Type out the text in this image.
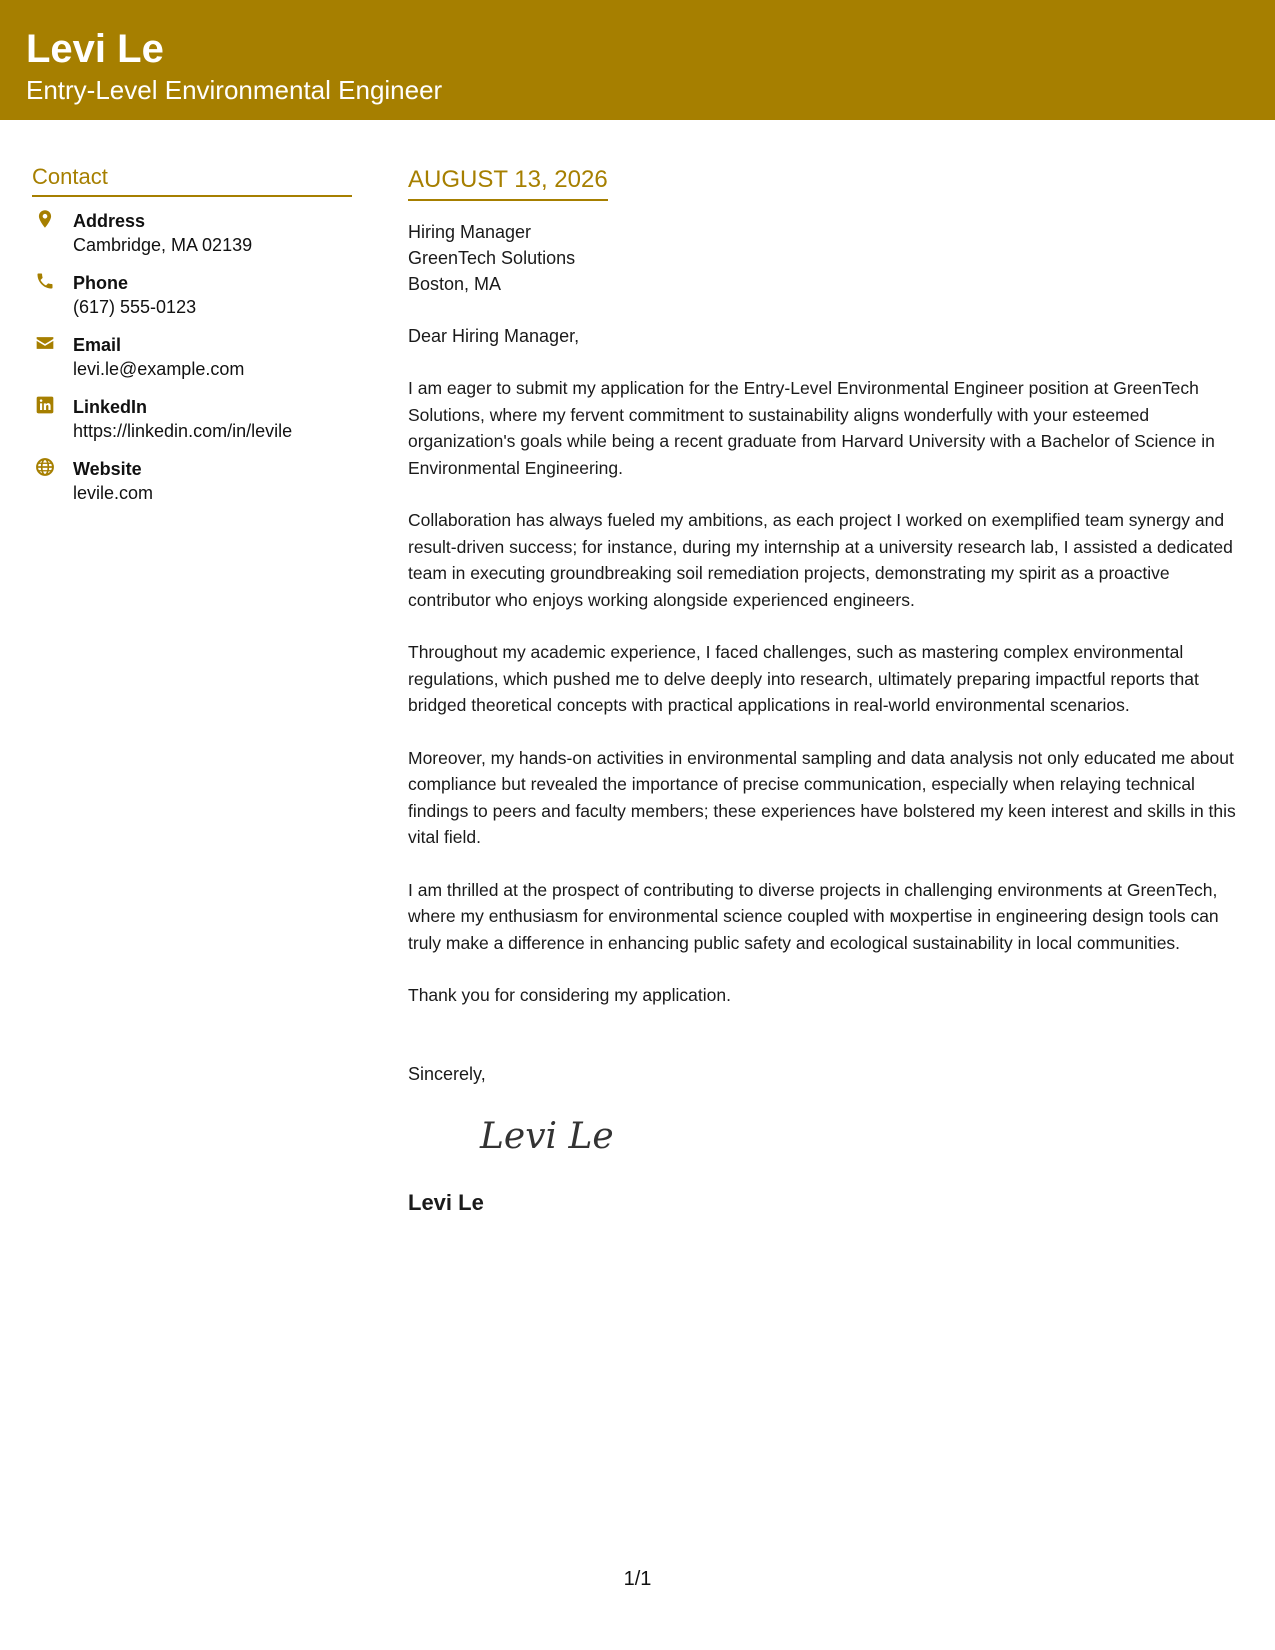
Levi Le
Entry-Level Environmental Engineer
Contact
Address
Cambridge, MA 02139
Phone
(617) 555-0123
Email
levi.le@example.com
LinkedIn
https://linkedin.com/in/levile
Website
levile.com
AUGUST 13, 2026
Hiring Manager
GreenTech Solutions
Boston, MA
Dear Hiring Manager,

I am eager to submit my application for the Entry-Level Environmental Engineer position at GreenTech Solutions, where my fervent commitment to sustainability aligns wonderfully with your esteemed organization's goals while being a recent graduate from Harvard University with a Bachelor of Science in Environmental Engineering.

Collaboration has always fueled my ambitions, as each project I worked on exemplified team synergy and result-driven success; for instance, during my internship at a university research lab, I assisted a dedicated team in executing groundbreaking soil remediation projects, demonstrating my spirit as a proactive contributor who enjoys working alongside experienced engineers.

Throughout my academic experience, I faced challenges, such as mastering complex environmental regulations, which pushed me to delve deeply into research, ultimately preparing impactful reports that bridged theoretical concepts with practical applications in real-world environmental scenarios.

Moreover, my hands-on activities in environmental sampling and data analysis not only educated me about compliance but revealed the importance of precise communication, especially when relaying technical findings to peers and faculty members; these experiences have bolstered my keen interest and skills in this vital field.

I am thrilled at the prospect of contributing to diverse projects in challenging environments at GreenTech, where my enthusiasm for environmental science coupled with мoxpertise in engineering design tools can truly make a difference in enhancing public safety and ecological sustainability in local communities.

Thank you for considering my application.

Sincerely,
Levi Le
Levi Le
1/1
